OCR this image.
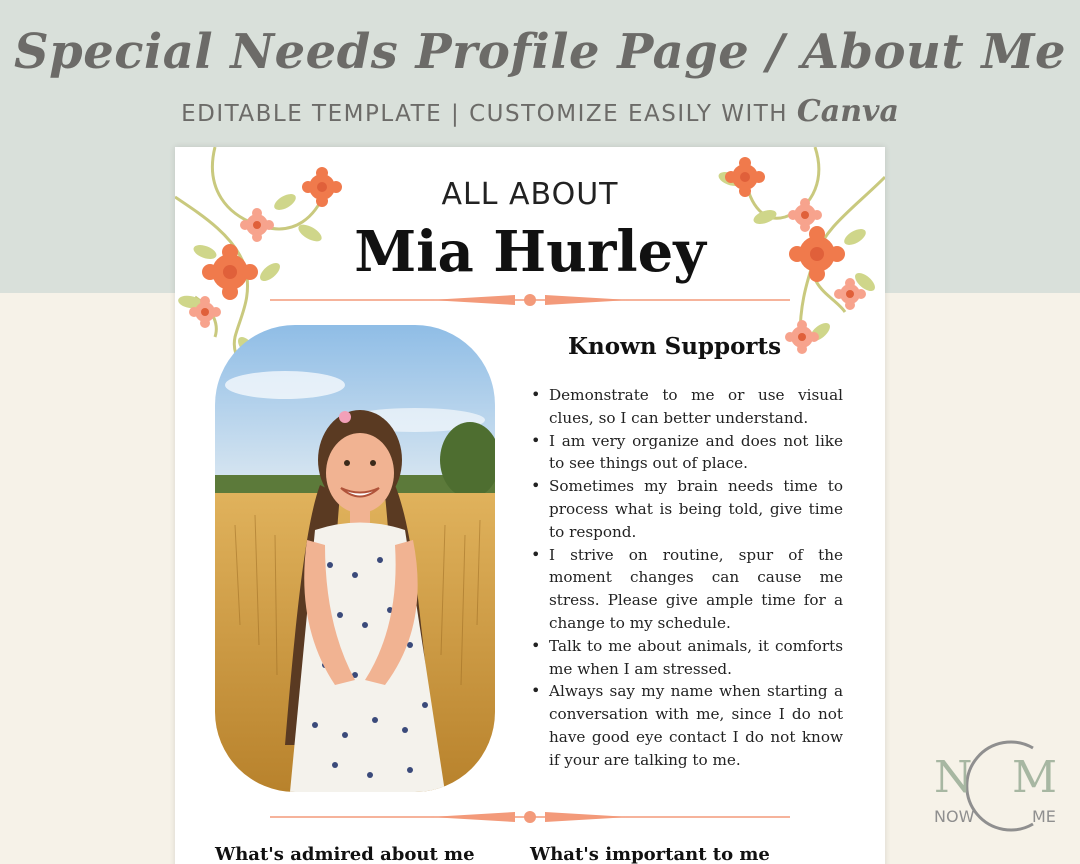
Special Needs Profile Page / About Me
EDITABLE TEMPLATE | CUSTOMIZE EASILY WITH Canva
ALL ABOUT
Mia Hurley
Known Supports
• Demonstrate to me or use visual clues, so I can better understand.
• I am very organize and does not like to see things out of place.
• Sometimes my brain needs time to process what is being told, give time to respond.
• I strive on routine, spur of the moment changes can cause me stress. Please give ample time for a change to my schedule.
• Talk to me about animals, it comforts me when I am stressed.
• Always say my name when starting a conversation with me, since I do not have good eye contact I do not know if your are talking to me.
What's admired about me	What's important to me
N M
NOW	ME
